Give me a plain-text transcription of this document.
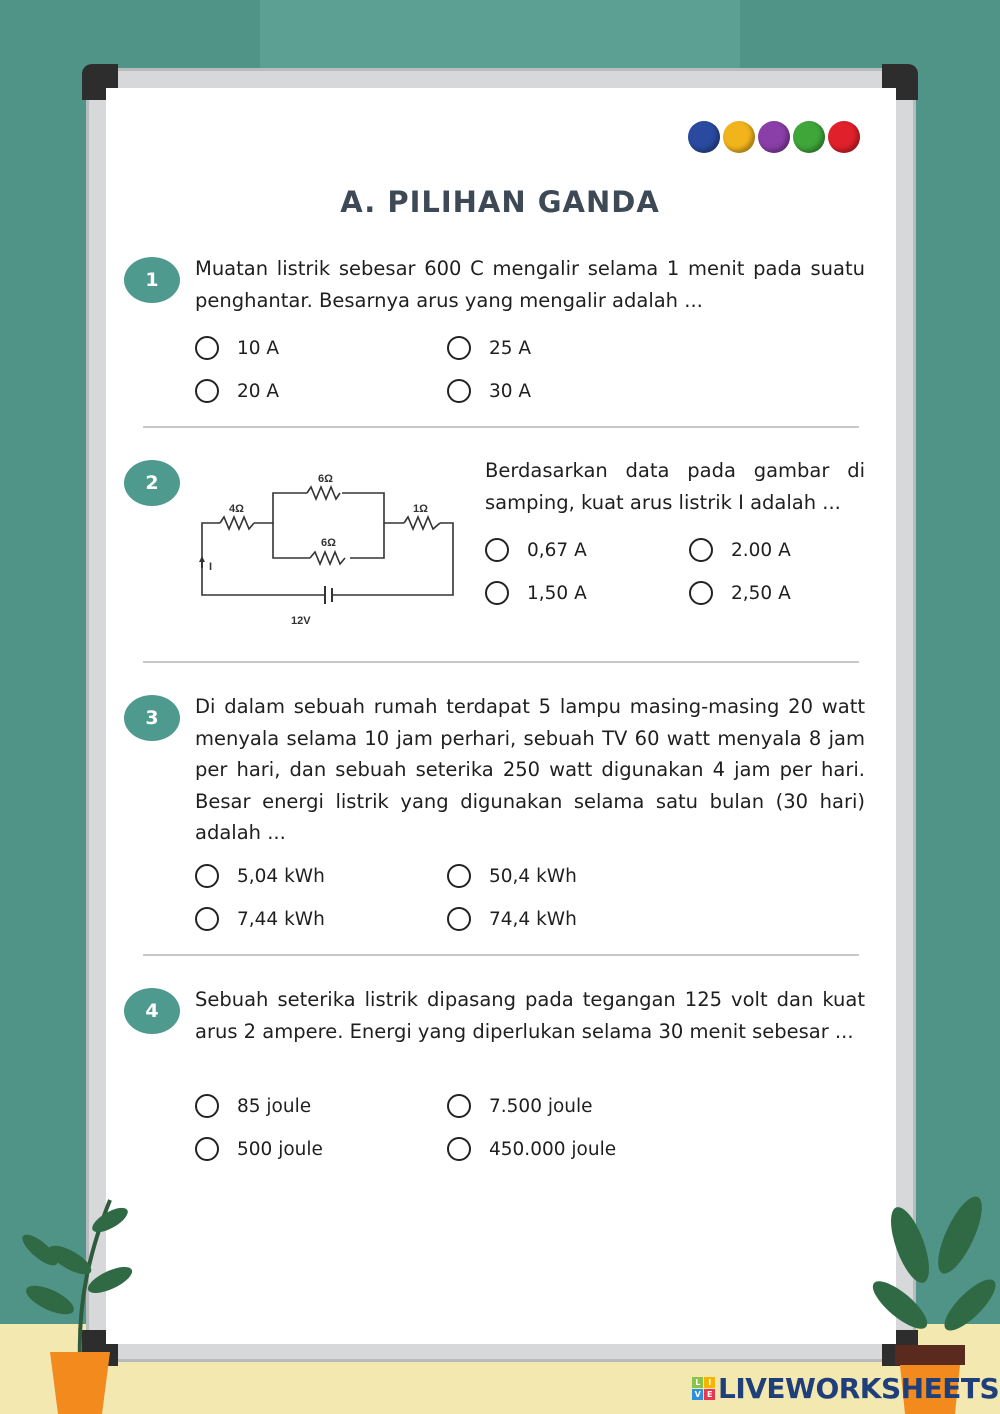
A. PILIHAN GANDA
1	Muatan listrik sebesar 600 C mengalir selama 1 menit pada suatu penghantar. Besarnya arus yang mengalir adalah ...
10 A	25 A
20 A	30 A
2
4Ω
6Ω
6Ω
1Ω
I
12V
Berdasarkan data pada gambar di samping, kuat arus listrik I adalah ...
0,67 A	2.00 A
1,50 A	2,50 A
3	Di dalam sebuah rumah terdapat 5 lampu masing-masing 20 watt menyala selama 10 jam perhari, sebuah TV 60 watt menyala 8 jam per hari, dan sebuah seterika 250 watt digunakan 4 jam per hari. Besar energi listrik yang digunakan selama satu bulan (30 hari) adalah ...
5,04 kWh	50,4 kWh
7,44 kWh	74,4 kWh
4	Sebuah seterika listrik dipasang pada tegangan 125 volt dan kuat arus 2 ampere. Energi yang diperlukan selama 30 menit sebesar ...
85 joule	7.500 joule
500 joule	450.000 joule
L	I
V E LIVEWORKSHEETS
